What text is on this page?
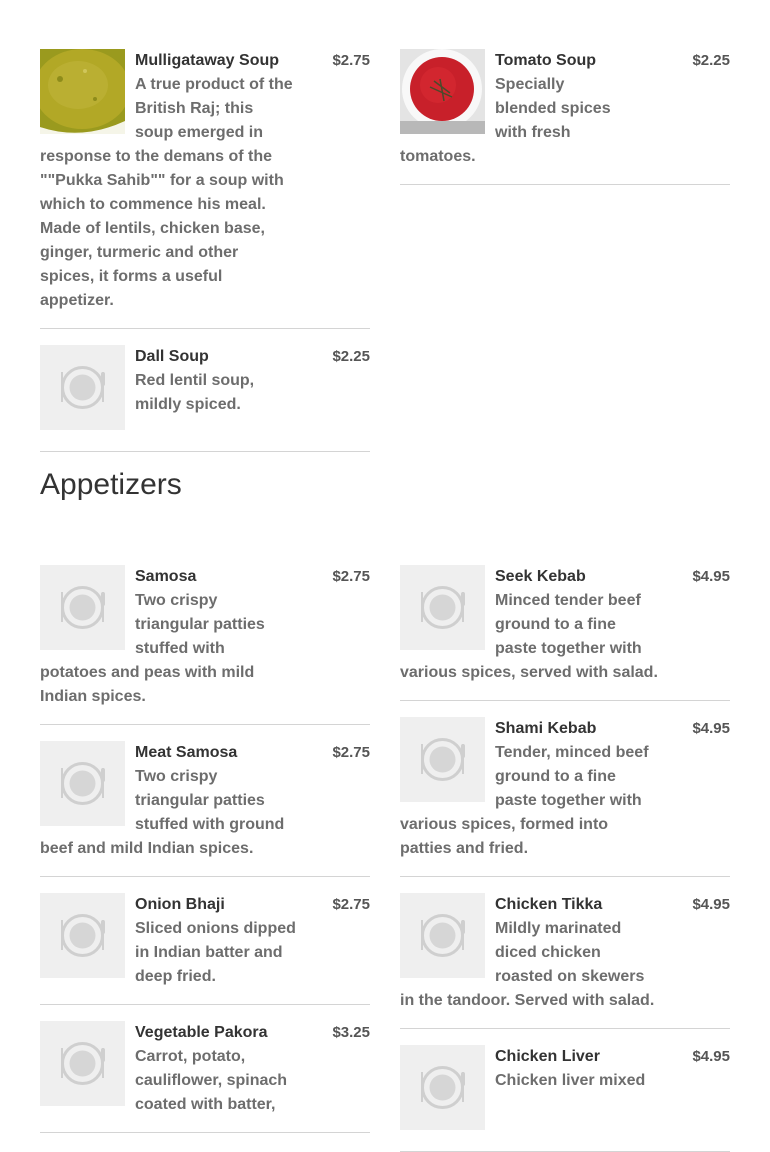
$2.75
Mulligataway Soup

A true product of the British Raj; this soup emerged in response to the demans of the ""Pukka Sahib"" for a soup with which to commence his meal. Made of lentils, chicken base, ginger, turmeric and other spices, it forms a useful appetizer.

$2.25
Dall Soup

Red lentil soup, mildly spiced.

$2.25
Tomato Soup

Specially blended spices with fresh tomatoes.

Appetizers
$2.75
Samosa

Two crispy triangular patties stuffed with potatoes and peas with mild Indian spices.

$2.75
Meat Samosa

Two crispy triangular patties stuffed with ground beef and mild Indian spices.

$2.75
Onion Bhaji

Sliced onions dipped in Indian batter and deep fried.

$3.25
Vegetable Pakora

Carrot, potato, cauliflower, spinach coated with batter,

$4.95
Seek Kebab

Minced tender beef ground to a fine paste together with various spices, served with salad.

$4.95
Shami Kebab

Tender, minced beef ground to a fine paste together with various spices, formed into patties and fried.

$4.95
Chicken Tikka

Mildly marinated diced chicken roasted on skewers in the tandoor. Served with salad.

$4.95
Chicken Liver

Chicken liver mixed
